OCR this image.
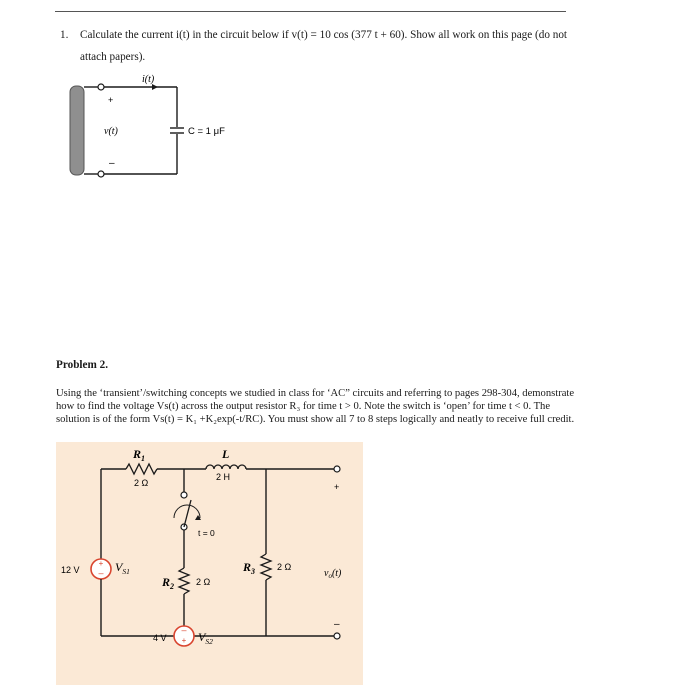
1. Calculate the current i(t) in the circuit below if v(t) = 10 cos (377 t + 60). Show all work on this page (do not
attach papers).
i(t)
+
v(t)
–
C = 1 μF
Problem 2.
Using the ‘transient’/switching concepts we studied in class for ‘AC” circuits and referring to pages 298-304, demonstrate how to find the voltage Vs(t) across the output resistor R₃ for time t > 0. Note the switch is ‘open’ for time t < 0. The solution is of the form Vs(t) = K₁ +K₂exp(-t/RC). You must show all 7 to 8 steps logically and neatly to receive full credit.
+
–
–
+
$R_1$
2 Ω
L
2 H
t = 0
12 V	$V_{S1}$
$R_2$ 2 Ω
$R_3$ 2 Ω
4 V	$V_{S2}$
$v_o(t)$
+
–
